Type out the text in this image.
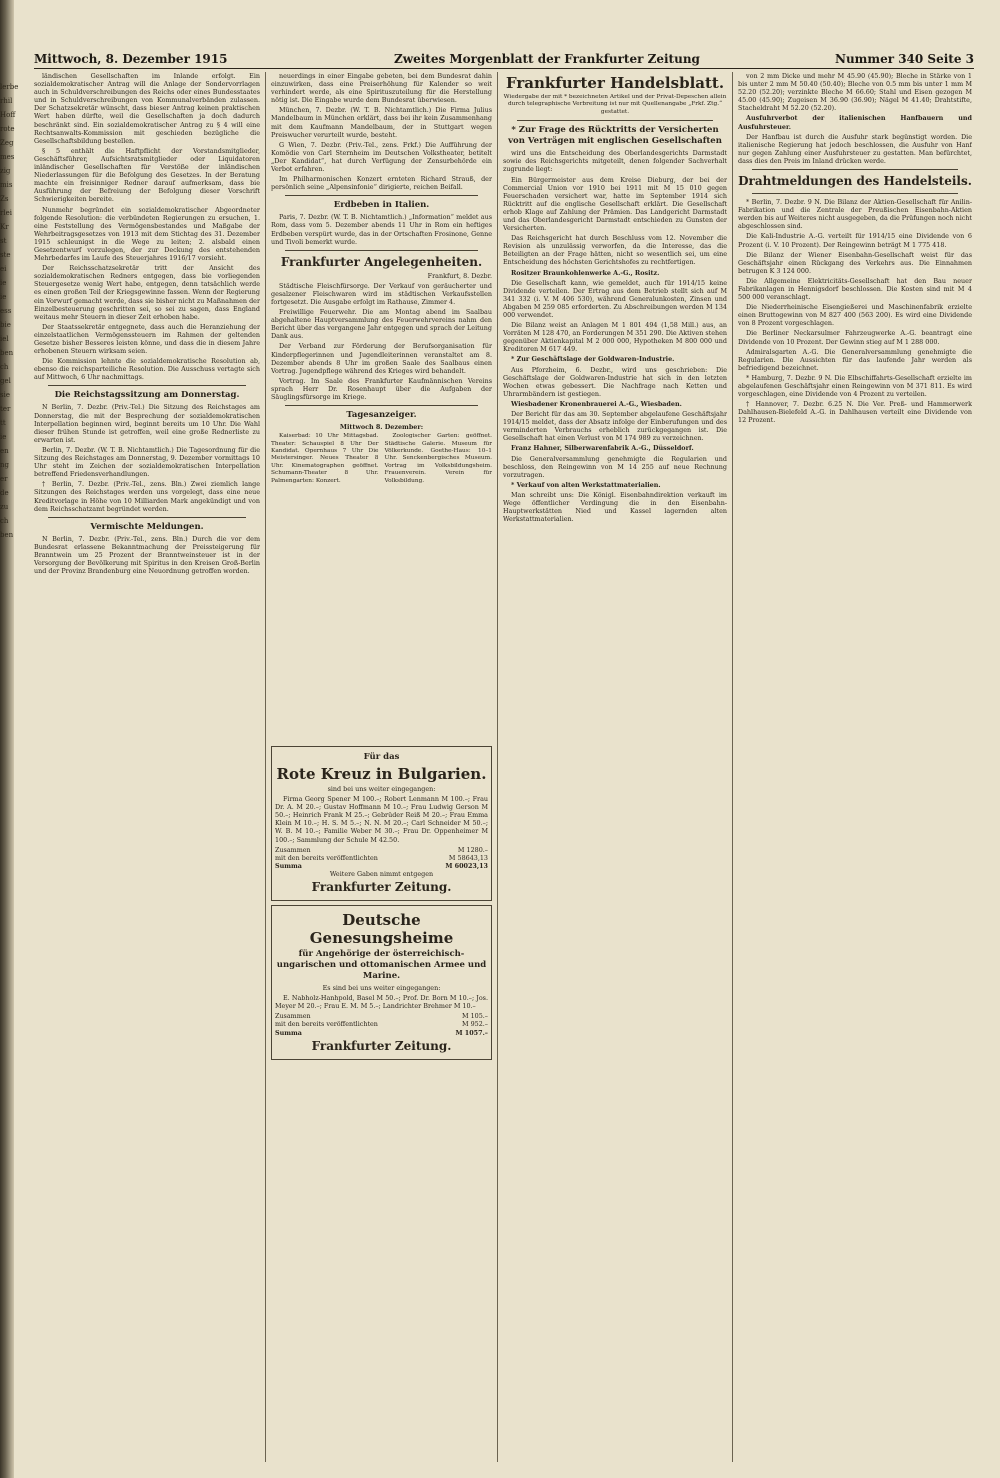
lerbe
rhil
Hoff
rote
Zeg
mes
zig
mis
Zs
rlei
Kr
st
ste
ei
ie
ie
ess
bie
iel
ben
ch
gel
sie
ter
tt
ie
en
ng
er
de
zu
ch
ben
Mittwoch, 8. Dezember 1915	Zweites Morgenblatt der Frankfurter Zeitung	Nummer 340 Seite 3

ländischen Gesellschaften im Inlande erfolgt. Ein sozialdemokratischer Antrag will die Anlage der Sondervorrlagen auch in Schuldverschreibungen des Reichs oder eines Bundesstaates und in Schuldverschreibungen von Kommunalverbänden zulassen. Der Schatzsekretär wünscht, dass bieser Antrag keinen praktischen Wert haben dürfte, weil die Gesellschaften ja doch dadurch beschränkt sind. Ein sozialdemokratischer Antrag zu § 4 will eine Rechtsanwalts-Kommission mit geschieden bezügliche die Gesellschaftsbildung bestellen.

§ 5 enthält die Haftpflicht der Vorstandsmitglieder, Geschäftsführer, Aufsichtsratsmitglieder oder Liquidatoren inländischer Gesellschaften für Verstöße der inländischen Niederlassungen für die Befolgung des Gesetzes. In der Beratung machte ein freisinniger Redner darauf aufmerksam, dass bie Ausführung der Befreiung der Befolgung dieser Vorschrift Schwierigkeiten bereite.

Nunmehr begründet ein sozialdemokratischer Abgeordneter folgende Resolution: die verbündeten Regierungen zu ersuchen, 1. eine Feststellung des Vermögensbestandes und Maßgabe der Wehrbeitragsgesetzes von 1913 mit dem Stichtag des 31. Dezember 1915 schleunigst in die Wege zu leiten; 2. alsbald einen Gesetzentwurf vorzulegen, der zur Deckung des entstehenden Mehrbedarfes im Laufe des Steuerjahres 1916/17 vorsieht.

Der Reichsschatzsekretär tritt der Ansicht des sozialdemokratischen Redners entgegen, dass bie vorliegenden Steuergesetze wenig Wert habe, entgegen, denn tatsächlich werde es einen großen Teil der Kriegsgewinne fassen. Wenn der Regierung ein Vorwurf gemacht werde, dass sie bisher nicht zu Maßnahmen der Einzelbesteuerung geschritten sei, so sei zu sagen, dass England weitaus mehr Steuern in dieser Zeit erhoben habe.

Der Staatssekretär entgegnete, dass auch die Heranziehung der einzelstaatlichen Vermögenssteuern im Rahmen der geltenden Gesetze bisher Besseres leisten könne, und dass die in diesem Jahre erhobenen Steuern wirksam seien.

Die Kommission lehnte die sozialdemokratische Resolution ab, ebenso die reichsparteiliche Resolution. Die Ausschuss vertagte sich auf Mittwoch, 6 Uhr nachmittags.

Die Reichstagssitzung am Donnerstag.

N Berlin, 7. Dezbr. (Priv.-Tel.) Die Sitzung des Reichstages am Donnerstag, die mit der Besprechung der sozialdemokratischen Interpellation beginnen wird, beginnt bereits um 10 Uhr. Die Wahl dieser frühen Stunde ist getroffen, weil eine große Rednerliste zu erwarten ist.

Berlin, 7. Dezbr. (W. T. B. Nichtamtlich.) Die Tagesordnung für die Sitzung des Reichstages am Donnerstag, 9. Dezember vormittags 10 Uhr steht im Zeichen der sozialdemokratischen Interpellation betreffend Friedensverhandlungen.

† Berlin, 7. Dezbr. (Priv.-Tel., zens. Bln.) Zwei ziemlich lange Sitzungen des Reichstages werden uns vorgelegt, dass eine neue Kreditvorlage in Höhe von 10 Milliarden Mark angekündigt und von dem Reichsschatzamt begründet werden.

Vermischte Meldungen.

N Berlin, 7. Dezbr. (Priv.-Tel., zens. Bln.) Durch die vor dem Bundesrat erlassene Bekanntmachung der Preissteigerung für Branntwein um 25 Prozent der Branntweinsteuer ist in der Versorgung der Bevölkerung mit Spiritus in den Kreisen Groß-Berlin und der Provinz Brandenburg eine Neuordnung getroffen worden.

neuerdings in einer Eingabe gebeten, bei dem Bundesrat dahin einzuwirken, dass eine Preiserhöhung für Kalender so weit verhindert werde, als eine Spirituszuteilung für die Herstellung nötig ist. Die Eingabe wurde dem Bundesrat überwiesen.

München, 7. Dezbr. (W. T. B. Nichtamtlich.) Die Firma Julius Mandelbaum in München erklärt, dass bei ihr kein Zusammenhang mit dem Kaufmann Mandelbaum, der in Stuttgart wegen Preiswucher verurteilt wurde, besteht.

G Wien, 7. Dezbr. (Priv.-Tel., zens. Frkf.) Die Aufführung der Komödie von Carl Sternheim im Deutschen Volkstheater, betitelt „Der Kandidat“, hat durch Verfügung der Zensurbehörde ein Verbot erfahren.

Im Philharmonischen Konzert ernteten Richard Strauß, der persönlich seine „Alpensinfonie“ dirigierte, reichen Beifall.

Erdbeben in Italien.

Paris, 7. Dezbr. (W. T. B. Nichtamtlich.) „Information“ meldet aus Rom, dass vom 5. Dezember abends 11 Uhr in Rom ein heftiges Erdbeben verspürt wurde, das in der Ortschaften Frosinone, Genne und Tivoli bemerkt wurde.

Frankfurter Angelegenheiten.

Frankfurt, 8. Dezbr.

Städtische Fleischfürsorge. Der Verkauf von geräucherter und gesalzener Fleischwaren wird im städtischen Verkaufsstellen fortgesetzt. Die Ausgabe erfolgt im Rathause, Zimmer 4.

Freiwillige Feuerwehr. Die am Montag abend im Saalbau abgehaltene Hauptversammlung des Feuerwehrvereins nahm den Bericht über das vergangene Jahr entgegen und sprach der Leitung Dank aus.

Der Verband zur Förderung der Berufsorganisation für Kinderpflegerinnen und Jugendleiterinnen veranstaltet am 8. Dezember abends 8 Uhr im großen Saale des Saalbaus einen Vortrag. Jugendpflege während des Krieges wird behandelt.

Vortrag. Im Saale des Frankfurter Kaufmännischen Vereins sprach Herr Dr. Rosenhaupt über die Aufgaben der Säuglingsfürsorge im Kriege.

Tagesanzeiger.

Mittwoch 8. Dezember:

Kaiserbad: 10 Uhr Mittagsbad. Theater: Schauspiel 8 Uhr Der Kandidat. Opernhaus 7 Uhr Die Meistersinger. Neues Theater 8 Uhr. Kinematographen geöffnet. Schumann-Theater 8 Uhr. Palmengarten: Konzert.

Zoologischer Garten: geöffnet. Städtische Galerie. Museum für Völkerkunde. Goethe-Haus: 10–1 Uhr. Senckenbergisches Museum. Vortrag im Volksbildungsheim. Frauenverein. Verein für Volksbildung.

Für das

Rote Kreuz in Bulgarien.

sind bei uns weiter eingegangen:

Firma Georg Spener M 100.–; Robert Lenmann M 100.–; Frau Dr. A. M 20.–; Gustav Hoffmann M 10.–; Frau Ludwig Gerson M 50.–; Heinrich Frank M 25.–; Gebrüder Reiß M 20.–; Frau Emma Klein M 10.–; H. S. M 5.–; N. N. M 20.–; Carl Schneider M 50.–; W. B. M 10.–; Familie Weber M 30.–; Frau Dr. Oppenheimer M 100.–; Sammlung der Schule M 42.50.

Zusammen	M 1280.–

mit den bereits veröffentlichten	M 58643,13

Summa	M 60023,13

Weitere Gaben nimmt entgegen

Frankfurter Zeitung.

Deutsche Genesungsheime

für Angehörige der österreichisch-ungarischen und ottomanischen Armee und Marine.

Es sind bei uns weiter eingegangen:

E. Nabholz-Hanhpold, Basel M 50.–; Prof. Dr. Born M 10.–; Jos. Meyer M 20.–; Frau E. M. M 5.–; Landrichter Brehmer M 10.–

Zusammen	M 105.–

mit den bereits veröffentlichten	M 952.–

Summa	M 1057.–

Frankfurter Zeitung.

Frankfurter Handelsblatt.

Wiedergabe der mit * bezeichneten Artikel und der Privat-Depeschen allein durch telegraphische Verbreitung ist nur mit Quellenangabe „Frkf. Ztg.“ gestattet.

* Zur Frage des Rücktritts der Versicherten von Verträgen mit englischen Gesellschaften

wird uns die Entscheidung des Oberlandesgerichts Darmstadt sowie des Reichsgerichts mitgeteilt, denen folgender Sachverhalt zugrunde liegt:

Ein Bürgermeister aus dem Kreise Dieburg, der bei der Commercial Union vor 1910 bei 1911 mit M 15 010 gegen Feuerschaden versichert war, hatte im September 1914 sich Rücktritt auf die englische Gesellschaft erklärt. Die Gesellschaft erhob Klage auf Zahlung der Prämien. Das Landgericht Darmstadt und das Oberlandesgericht Darmstadt entschieden zu Gunsten der Versicherten.

Das Reichsgericht hat durch Beschluss vom 12. November die Revision als unzulässig verworfen, da die Interesse, das die Beteiligten an der Frage hätten, nicht so wesentlich sei, um eine Entscheidung des höchsten Gerichtshofes zu rechtfertigen.

Rositzer Braunkohlenwerke A.-G., Rositz.

Die Gesellschaft kann, wie gemeldet, auch für 1914/15 keine Dividende verteilen. Der Ertrag aus dem Betrieb stellt sich auf M 341 332 (i. V. M 406 530), während Generalunkosten, Zinsen und Abgaben M 259 085 erforderten. Zu Abschreibungen werden M 134 000 verwendet.

Die Bilanz weist an Anlagen M 1 801 494 (1,58 Mill.) aus, an Vorräten M 128 470, an Forderungen M 351 290. Die Aktiven stehen gegenüber Aktienkapital M 2 000 000, Hypotheken M 800 000 und Kreditoren M 617 449.

* Zur Geschäftslage der Goldwaren-Industrie.

Aus Pforzheim, 6. Dezbr., wird uns geschrieben: Die Geschäftslage der Goldwaren-Industrie hat sich in den letzten Wochen etwas gebessert. Die Nachfrage nach Ketten und Uhrarmbändern ist gestiegen.

Wiesbadener Kronenbrauerei A.-G., Wiesbaden.

Der Bericht für das am 30. September abgelaufene Geschäftsjahr 1914/15 meldet, dass der Absatz infolge der Einberufungen und des verminderten Verbrauchs erheblich zurückgegangen ist. Die Gesellschaft hat einen Verlust von M 174 989 zu verzeichnen.

Franz Hahner, Silberwarenfabrik A.-G., Düsseldorf.

Die Generalversammlung genehmigte die Regularien und beschloss, den Reingewinn von M 14 255 auf neue Rechnung vorzutragen.

* Verkauf von alten Werkstattmaterialien.

Man schreibt uns: Die Königl. Eisenbahndirektion verkauft im Wege öffentlicher Verdingung die in den Eisenbahn-Hauptwerkstätten Nied und Kassel lagernden alten Werkstattmaterialien.

von 2 mm Dicke und mehr M 45.90 (45.90); Bleche in Stärke von 1 bis unter 2 mm M 50.40 (50.40); Bleche von 0.5 mm bis unter 1 mm M 52.20 (52.20); verzinkte Bleche M 66.60; Stahl und Eisen gezogen M 45.00 (45.90); Zugeisen M 36.90 (36.90); Nägel M 41.40; Drahtstifte, Stacheldraht M 52.20 (52.20).

Ausfuhrverbot der italienischen Hanfbauern und Ausfuhrsteuer.

Der Hanfbau ist durch die Ausfuhr stark begünstigt worden. Die italienische Regierung hat jedoch beschlossen, die Ausfuhr von Hanf nur gegen Zahlung einer Ausfuhrsteuer zu gestatten. Man befürchtet, dass dies den Preis im Inland drücken werde.

Drahtmeldungen des Handelsteils.

* Berlin, 7. Dezbr. 9 N. Die Bilanz der Aktien-Gesellschaft für Anilin-Fabrikation und die Zentrale der Preußischen Eisenbahn-Aktien werden bis auf Weiteres nicht ausgegeben, da die Prüfungen noch nicht abgeschlossen sind.

Die Kali-Industrie A.-G. verteilt für 1914/15 eine Dividende von 6 Prozent (i. V. 10 Prozent). Der Reingewinn beträgt M 1 775 418.

Die Bilanz der Wiener Eisenbahn-Gesellschaft weist für das Geschäftsjahr einen Rückgang des Verkehrs aus. Die Einnahmen betrugen K 3 124 000.

Die Allgemeine Elektricitäts-Gesellschaft hat den Bau neuer Fabrikanlagen in Hennigsdorf beschlossen. Die Kosten sind mit M 4 500 000 veranschlagt.

Die Niederrheinische Eisengießerei und Maschinenfabrik erzielte einen Bruttogewinn von M 827 400 (563 200). Es wird eine Dividende von 8 Prozent vorgeschlagen.

Die Berliner Neckarsulmer Fahrzeugwerke A.-G. beantragt eine Dividende von 10 Prozent. Der Gewinn stieg auf M 1 288 000.

Admiralsgarten A.-G. Die Generalversammlung genehmigte die Regularien. Die Aussichten für das laufende Jahr werden als befriedigend bezeichnet.

* Hamburg, 7. Dezbr. 9 N. Die Elbschiffahrts-Gesellschaft erzielte im abgelaufenen Geschäftsjahr einen Reingewinn von M 371 811. Es wird vorgeschlagen, eine Dividende von 4 Prozent zu verteilen.

† Hannover, 7. Dezbr. 6.25 N. Die Ver. Preß- und Hammerwerk Dahlhausen-Bielefeld A.-G. in Dahlhausen verteilt eine Dividende von 12 Prozent.
